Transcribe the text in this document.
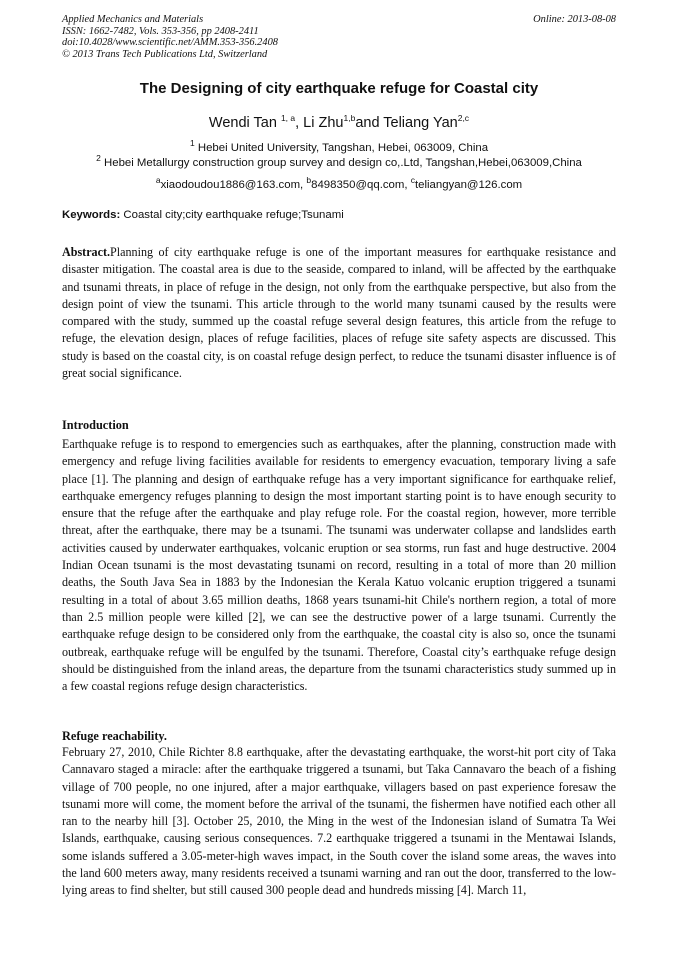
Applied Mechanics and Materials
ISSN: 1662-7482, Vols. 353-356, pp 2408-2411
doi:10.4028/www.scientific.net/AMM.353-356.2408
© 2013 Trans Tech Publications Ltd, Switzerland
Online: 2013-08-08
The Designing of city earthquake refuge for Coastal city
Wendi Tan $^{1, a}$, Li Zhu$^{1,b}$and Teliang Yan$^{2,c}$
$^1$ Hebei United University, Tangshan, Hebei, 063009, China
$^2$ Hebei Metallurgy construction group survey and design co,.Ltd, Tangshan,Hebei,063009,China
$^a$xiaodoudou1886@163.com, $^b$8498350@qq.com, $^c$teliangyan@126.com
Keywords: Coastal city;city earthquake refuge;Tsunami

Abstract.Planning of city earthquake refuge is one of the important measures for earthquake resistance and disaster mitigation. The coastal area is due to the seaside, compared to inland, will be affected by the earthquake and tsunami threats, in place of refuge in the design, not only from the earthquake perspective, but also from the design point of view the tsunami. This article through to the world many tsunami caused by the results were compared with the study, summed up the coastal refuge several design features, this article from the refuge to refuge, the elevation design, places of refuge facilities, places of refuge site safety aspects are discussed. This study is based on the coastal city, is on coastal refuge design perfect, to reduce the tsunami disaster influence is of great social significance.

Introduction

Earthquake refuge is to respond to emergencies such as earthquakes, after the planning, construction made with emergency and refuge living facilities available for residents to emergency evacuation, temporary living a safe place [1]. The planning and design of earthquake refuge has a very important significance for earthquake relief, earthquake emergency refuges planning to design the most important starting point is to have enough security to ensure that the refuge after the earthquake and play refuge role. For the coastal region, however, more terrible threat, after the earthquake, there may be a tsunami. The tsunami was underwater collapse and landslides earth activities caused by underwater earthquakes, volcanic eruption or sea storms, run fast and huge destructive. 2004 Indian Ocean tsunami is the most devastating tsunami on record, resulting in a total of more than 20 million deaths, the South Java Sea in 1883 by the Indonesian the Kerala Katuo volcanic eruption triggered a tsunami resulting in a total of about 3.65 million deaths, 1868 years tsunami-hit Chile's northern region, a total of more than 2.5 million people were killed [2], we can see the destructive power of a large tsunami. Currently the earthquake refuge design to be considered only from the earthquake, the coastal city is also so, once the tsunami outbreak, earthquake refuge will be engulfed by the tsunami. Therefore, Coastal city’s earthquake refuge design should be distinguished from the inland areas, the departure from the tsunami characteristics study summed up in a few coastal regions refuge design characteristics.

Refuge reachability.

February 27, 2010, Chile Richter 8.8 earthquake, after the devastating earthquake, the worst-hit port city of Taka Cannavaro staged a miracle: after the earthquake triggered a tsunami, but Taka Cannavaro the beach of a fishing village of 700 people, no one injured, after a major earthquake, villagers based on past experience foresaw the tsunami more will come, the moment before the arrival of the tsunami, the fishermen have notified each other all ran to the nearby hill [3]. October 25, 2010, the Ming in the west of the Indonesian island of Sumatra Ta Wei Islands, earthquake, causing serious consequences. 7.2 earthquake triggered a tsunami in the Mentawai Islands, some islands suffered a 3.05-meter-high waves impact, in the South cover the island some areas, the waves into the land 600 meters away, many residents received a tsunami warning and ran out the door, transferred to the low-lying areas to find shelter, but still caused 300 people dead and hundreds missing [4]. March 11,
